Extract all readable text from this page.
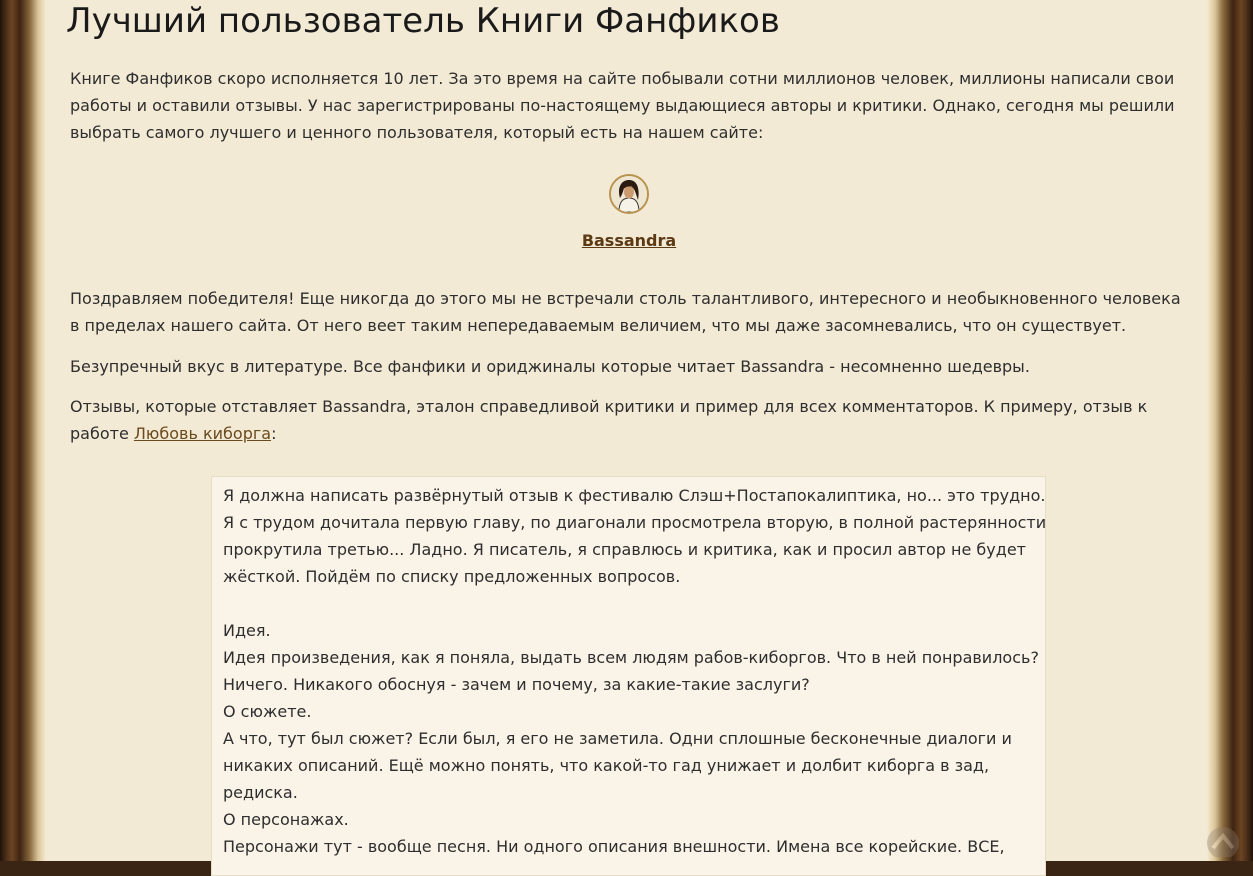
Лучший пользователь Книги Фанфиков

Книге Фанфиков скоро исполняется 10 лет. За это время на сайте побывали сотни миллионов человек, миллионы написали свои работы и оставили отзывы. У нас зарегистрированы по-настоящему выдающиеся авторы и критики. Однако, сегодня мы решили выбрать самого лучшего и ценного пользователя, который есть на нашем сайте:

Bassandra

Поздравляем победителя! Еще никогда до этого мы не встречали столь талантливого, интересного и необыкновенного человека в пределах нашего сайта. От него веет таким непередаваемым величием, что мы даже засомневались, что он существует.

Безупречный вкус в литературе. Все фанфики и ориджиналы которые читает Bassandra - несомненно шедевры.

Отзывы, которые отставляет Bassandra, эталон справедливой критики и пример для всех комментаторов. К примеру, отзыв к работе Любовь киборга:

Я должна написать развёрнутый отзыв к фестивалю Слэш+Постапокалиптика, но... это трудно.

Я с трудом дочитала первую главу, по диагонали просмотрела вторую, в полной растерянности

прокрутила третью... Ладно. Я писатель, я справлюсь и критика, как и просил автор не будет

жёсткой. Пойдём по списку предложенных вопросов.

Идея.

Идея произведения, как я поняла, выдать всем людям рабов-киборгов. Что в ней понравилось?

Ничего. Никакого обоснуя - зачем и почему, за какие-такие заслуги?

О сюжете.

А что, тут был сюжет? Если был, я его не заметила. Одни сплошные бесконечные диалоги и

никаких описаний. Ещё можно понять, что какой-то гад унижает и долбит киборга в зад,

редиска.

О персонажах.

Персонажи тут - вообще песня. Ни одного описания внешности. Имена все корейские. ВСЕ,
